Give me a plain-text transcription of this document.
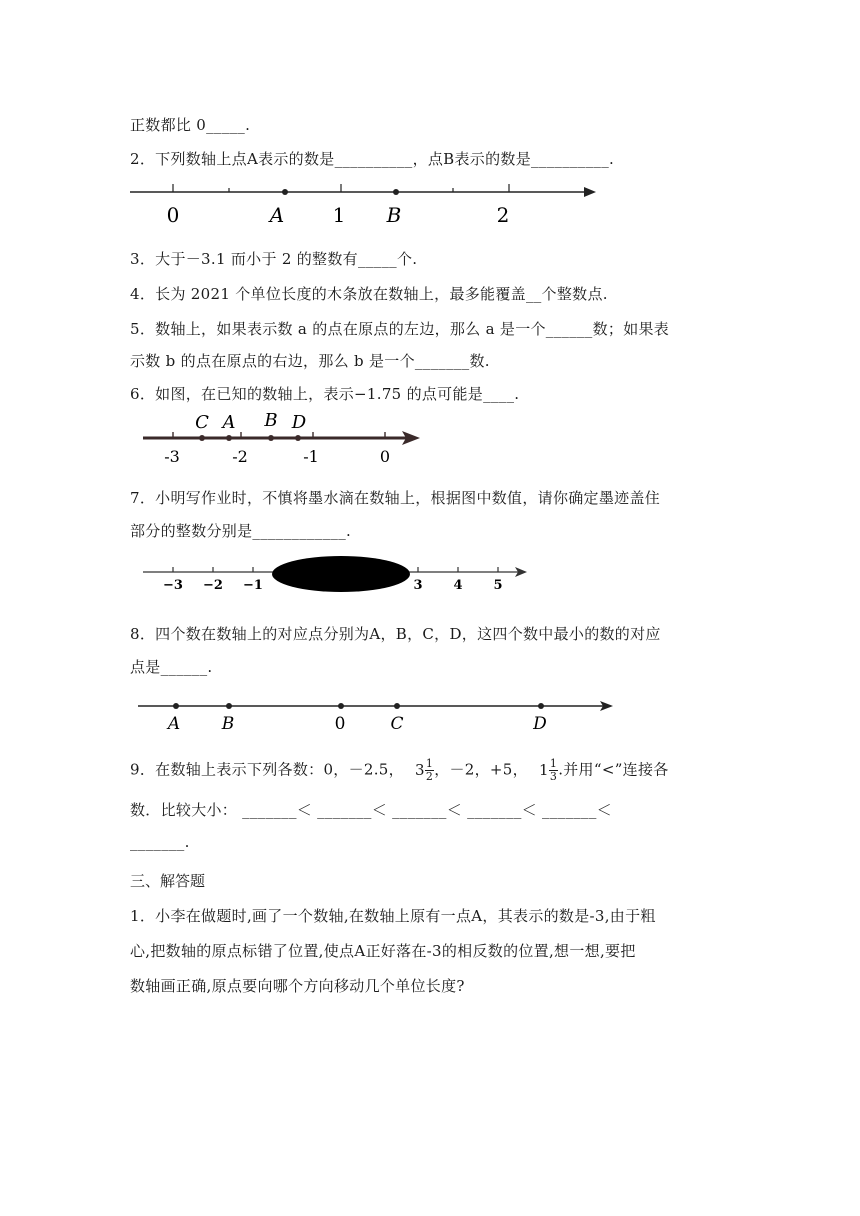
正数都比 0_____.
2．下列数轴上点A表示的数是__________，点B表示的数是__________.
0	A 1 B	2
3．大于－3.1 而小于 2 的整数有_____个.
4．长为 2021 个单位长度的木条放在数轴上，最多能覆盖__个整数点.
5．数轴上，如果表示数 a 的点在原点的左边，那么 a 是一个______数；如果表
示数 b 的点在原点的右边，那么 b 是一个_______数.
6．如图，在已知的数轴上，表示−1.75 的点可能是____.
C A B D
-3	-2	-1	0
7．小明写作业时，不慎将墨水滴在数轴上，根据图中数值，请你确定墨迹盖住
部分的整数分别是____________.
−3 −2 −1	3 4 5
8．四个数在数轴上的对应点分别为A，B，C，D，这四个数中最小的数的对应
点是______.
A B	0	C	D
9．在数轴上表示下列各数：0，－2.5， $3 \frac{1}{2}$ ，－2，+5， $1 \frac{1}{3}$ .并用“<”连接各
数．比较大小： _______＜ _______＜ _______＜ _______＜ _______＜
_______.
三、解答题
1．小李在做题时,画了一个数轴,在数轴上原有一点A，其表示的数是-3,由于粗
心,把数轴的原点标错了位置,使点A正好落在-3的相反数的位置,想一想,要把
数轴画正确,原点要向哪个方向移动几个单位长度?
